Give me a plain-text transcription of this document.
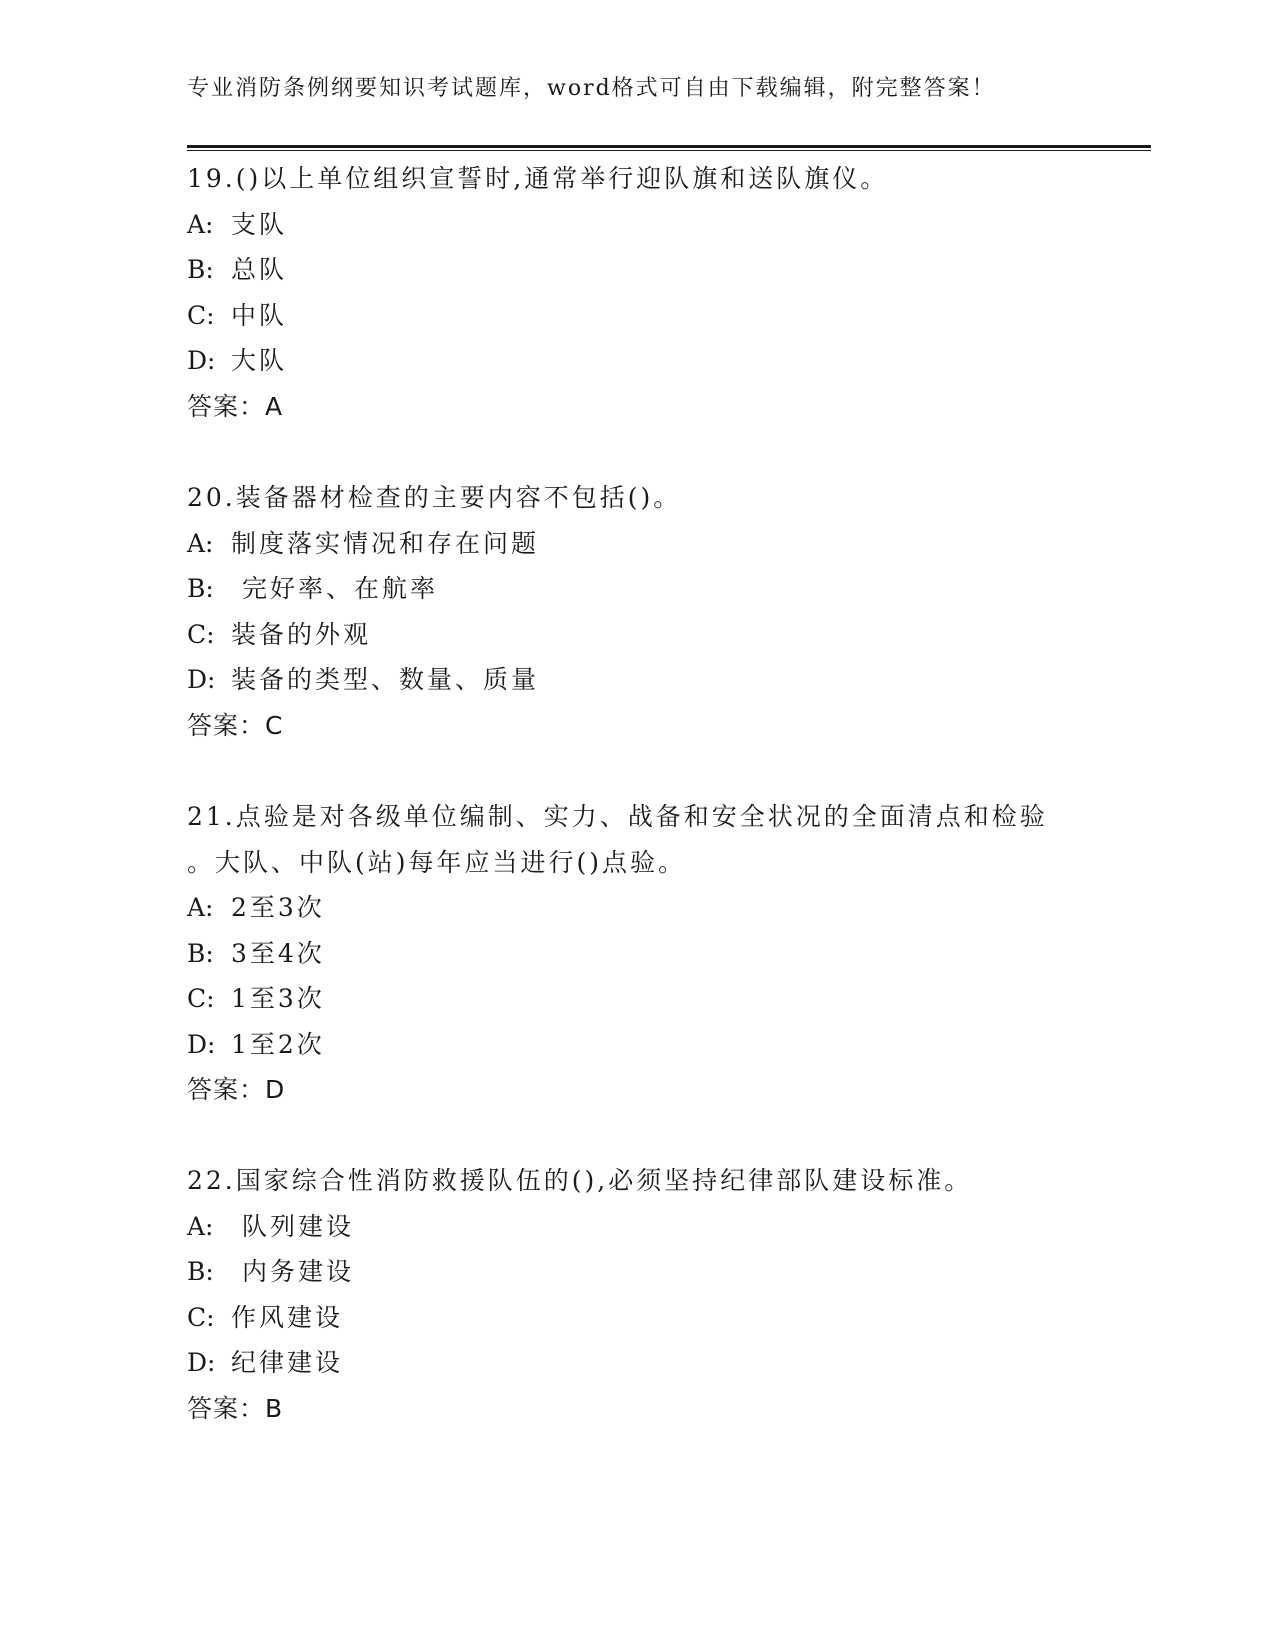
专业消防条例纲要知识考试题库，word格式可自由下载编辑，附完整答案！
19.()以上单位组织宣誓时,通常举行迎队旗和送队旗仪。
A: 支队
B: 总队
C: 中队
D: 大队
答案：A
20.装备器材检查的主要内容不包括()。
A: 制度落实情况和存在问题
B: 完好率、在航率
C: 装备的外观
D: 装备的类型、数量、质量
答案：C
21.点验是对各级单位编制、实力、战备和安全状况的全面清点和检验
。大队、中队(站)每年应当进行()点验。
A: 2至3次
B: 3至4次
C: 1至3次
D: 1至2次
答案：D
22.国家综合性消防救援队伍的(),必须坚持纪律部队建设标准。
A: 队列建设
B: 内务建设
C: 作风建设
D: 纪律建设
答案：B
